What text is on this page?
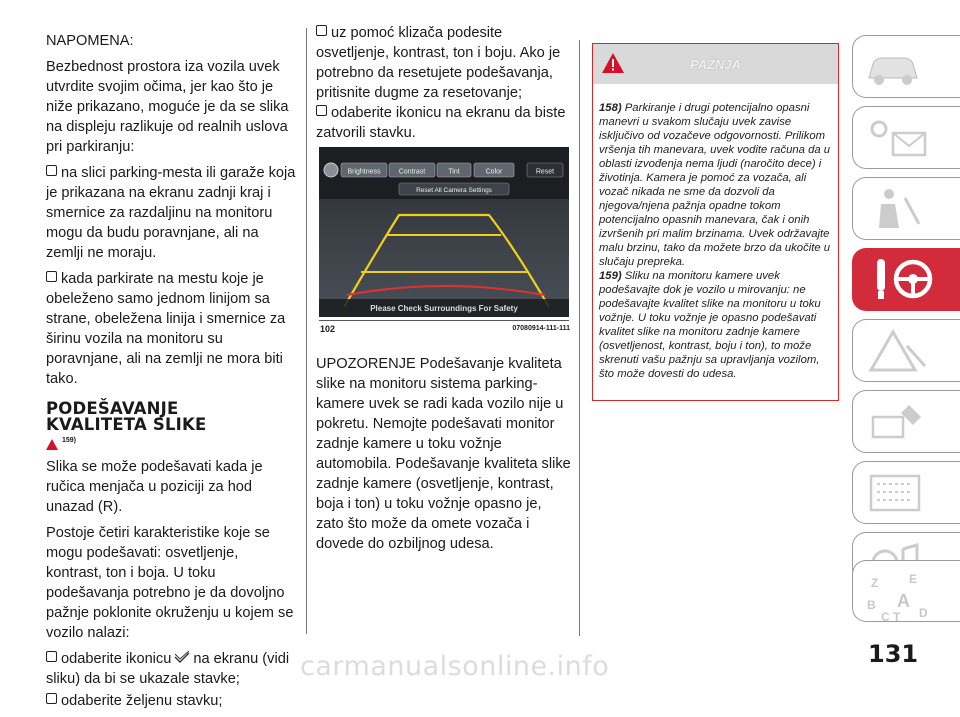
NAPOMENA:

Bezbednost prostora iza vozila uvek utvrdite svojim očima, jer kao što je niže prikazano, moguće je da se slika na displeju razlikuje od realnih uslova pri parkiranju:

na slici parking-mesta ili garaže koja je prikazana na ekranu zadnji kraj i smernice za razdaljinu na monitoru mogu da budu poravnjane, ali na zemlji ne moraju.

kada parkirate na mestu koje je obeleženo samo jednom linijom sa strane, obeležena linija i smernice za širinu vozila na monitoru su poravnjane, ali na zemlji ne mora biti tako.

PODEŠAVANJE
KVALITETA SLIKE
159)

Slika se može podešavati kada je ručica menjača u poziciji za hod unazad (R).

Postoje četiri karakteristike koje se mogu podešavati: osvetljenje, kontrast, ton i boja. U toku podešavanja potrebno je da dovoljno pažnje poklonite okruženju u kojem se vozilo nalazi:

odaberite ikonicu na ekranu (vidi sliku) da bi se ukazale stavke;

odaberite željenu stavku;

uz pomoć klizača podesite osvetljenje, kontrast, ton i boju. Ako je potrebno da resetujete podešavanja, pritisnite dugme za resetovanje;

odaberite ikonicu na ekranu da biste zatvorili stavku.

Brightness	Contrast	Tint	Color	Reset
Reset All Camera Settings
Please Check Surroundings For Safety
102	07080914-111-111

UPOZORENJE Podešavanje kvaliteta slike na monitoru sistema parking-kamere uvek se radi kada vozilo nije u pokretu. Nemojte podešavati monitor zadnje kamere u toku vožnje automobila. Podešavanje kvaliteta slike zadnje kamere (osvetljenje, kontrast, boja i ton) u toku vožnje opasno je, zato što može da omete vozača i dovede do ozbiljnog udesa.

PAŽNJA
158) Parkiranje i drugi potencijalno opasni manevri u svakom slučaju uvek zavise isključivo od vozačeve odgovornosti. Prilikom vršenja tih manevara, uvek vodite računa da u oblasti izvođenja nema ljudi (naročito dece) i životinja. Kamera je pomoć za vozača, ali vozač nikada ne sme da dozvoli da njegova/njena pažnja opadne tokom potencijalno opasnih manevara, čak i onih izvršenih pri malim brzinama. Uvek održavajte malu brzinu, tako da možete brzo da ukočite u slučaju prepreka.
159) Sliku na monitoru kamere uvek podešavajte dok je vozilo u mirovanju: ne podešavajte kvalitet slike na monitoru u toku vožnje. U toku vožnje je opasno podešavati kvalitet slike na monitoru zadnje kamere (osvetljenost, kontrast, boju i ton), to može skrenuti vašu pažnju sa upravljanja vozilom, što može dovesti do udesa.
Z	E
B A
C T D
131
carmanualsonline.info
